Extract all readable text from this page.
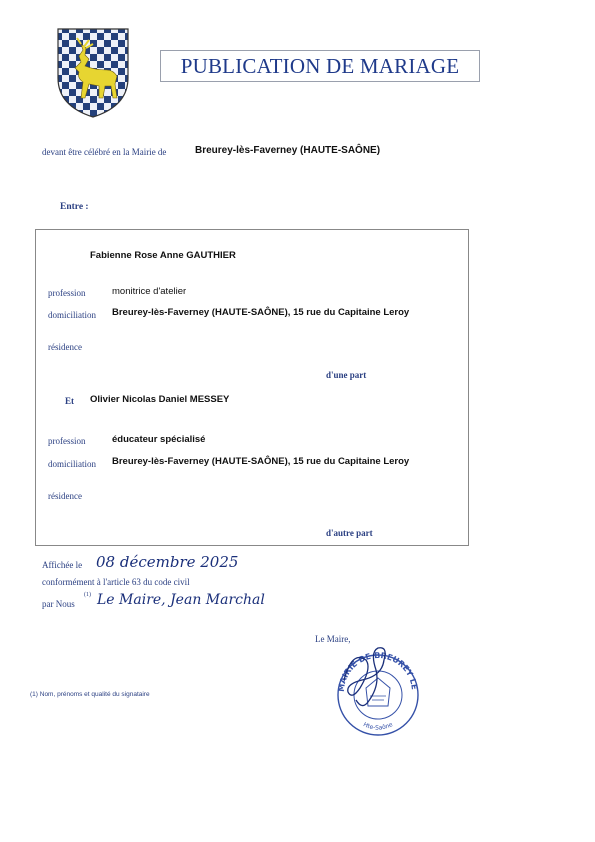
PUBLICATION DE MARIAGE
devant être célébré en la Mairie de	Breurey-lès-Faverney (HAUTE-SAÔNE)
Entre :
Fabienne Rose Anne GAUTHIER
profession	monitrice d'atelier
domiciliation Breurey-lès-Faverney (HAUTE-SAÔNE), 15 rue du Capitaine Leroy
résidence
d'une part
Et Olivier Nicolas Daniel MESSEY
profession	éducateur spécialisé
domiciliation Breurey-lès-Faverney (HAUTE-SAÔNE), 15 rue du Capitaine Leroy
résidence
d'autre part
Affichée le 08 décembre 2025
conformément à l'article 63 du code civil
par Nous
(1) Le Maire, Jean Marchal
Le Maire,
MAIRIE DE BREUREY LE
Hte-Saône
(1) Nom, prénoms et qualité du signataire
